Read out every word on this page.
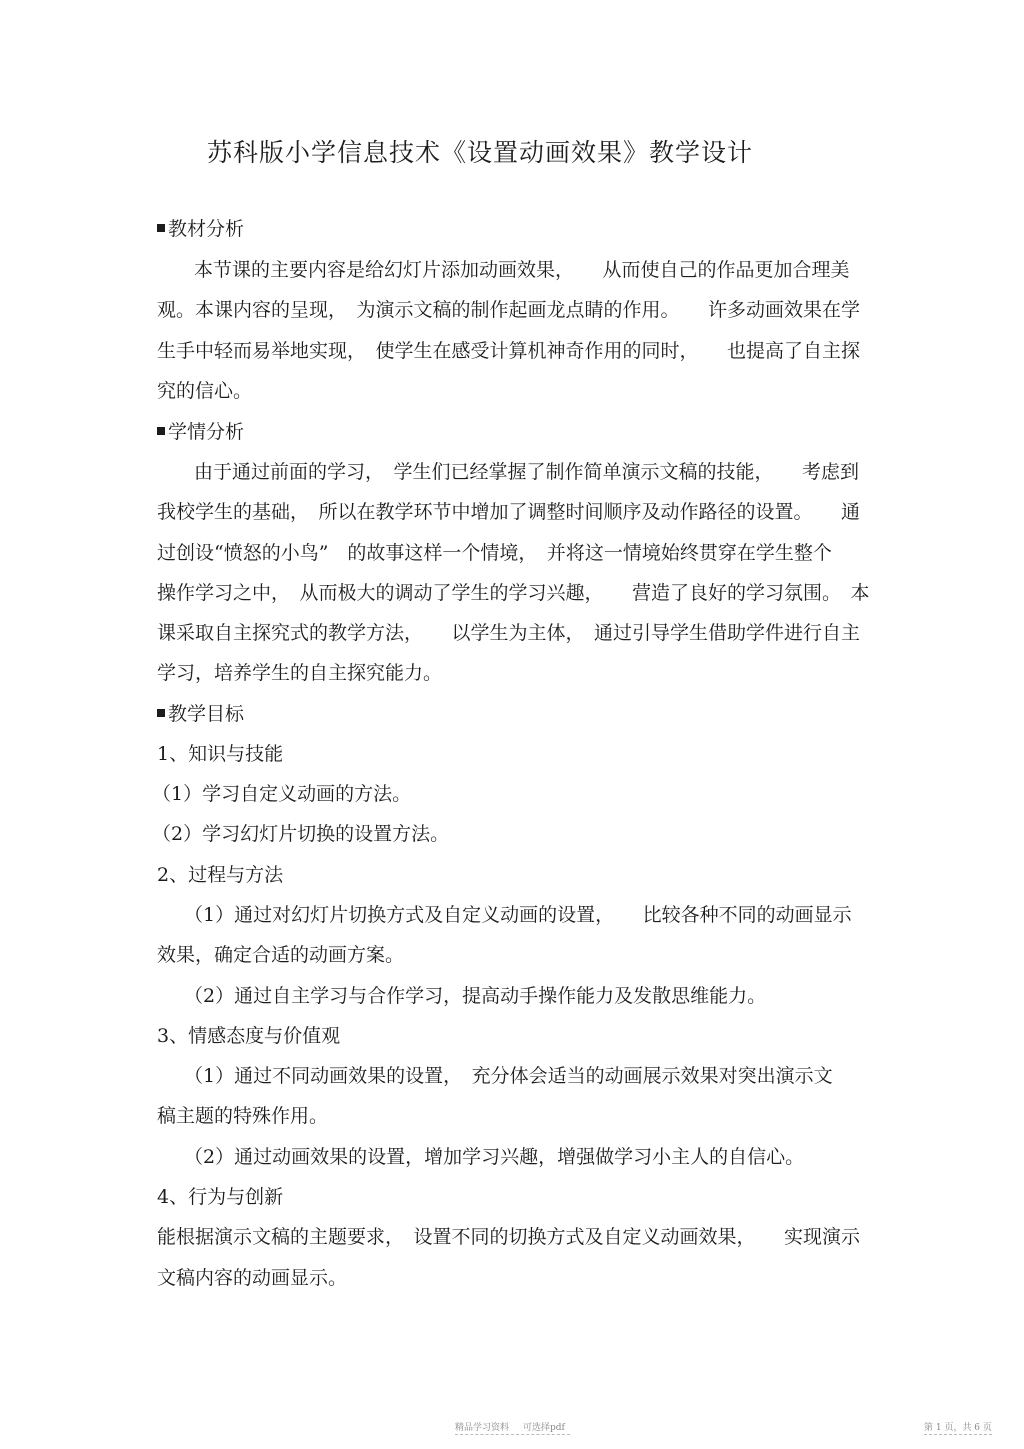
苏科版小学信息技术《设置动画效果》教学设计
教材分析
本节课的主要内容是给幻灯片添加动画效果，　　从而使自己的作品更加合理美
观。本课内容的呈现，　为演示文稿的制作起画龙点睛的作用。　　许多动画效果在学
生手中轻而易举地实现，　使学生在感受计算机神奇作用的同时，　　也提高了自主探
究的信心。
学情分析
由于通过前面的学习，　学生们已经掌握了制作简单演示文稿的技能，　　考虑到
我校学生的基础，　所以在教学环节中增加了调整时间顺序及动作路径的设置。　　通
过创设“愤怒的小鸟”　的故事这样一个情境，　并将这一情境始终贯穿在学生整个
操作学习之中，　从而极大的调动了学生的学习兴趣，　　营造了良好的学习氛围。　本
课采取自主探究式的教学方法，　　以学生为主体，　通过引导学生借助学件进行自主
学习，培养学生的自主探究能力。
教学目标
1、知识与技能
（1）学习自定义动画的方法。
（2）学习幻灯片切换的设置方法。
2、过程与方法
（1）通过对幻灯片切换方式及自定义动画的设置，　　比较各种不同的动画显示
效果，确定合适的动画方案。
（2）通过自主学习与合作学习，提高动手操作能力及发散思维能力。
3、情感态度与价值观
（1）通过不同动画效果的设置，　充分体会适当的动画展示效果对突出演示文
稿主题的特殊作用。
（2）通过动画效果的设置，增加学习兴趣，增强做学习小主人的自信心。
4、行为与创新
能根据演示文稿的主题要求，　设置不同的切换方式及自定义动画效果，　　实现演示
文稿内容的动画显示。
精品学习资料 可选择pdf	第 1 页，共 6 页
